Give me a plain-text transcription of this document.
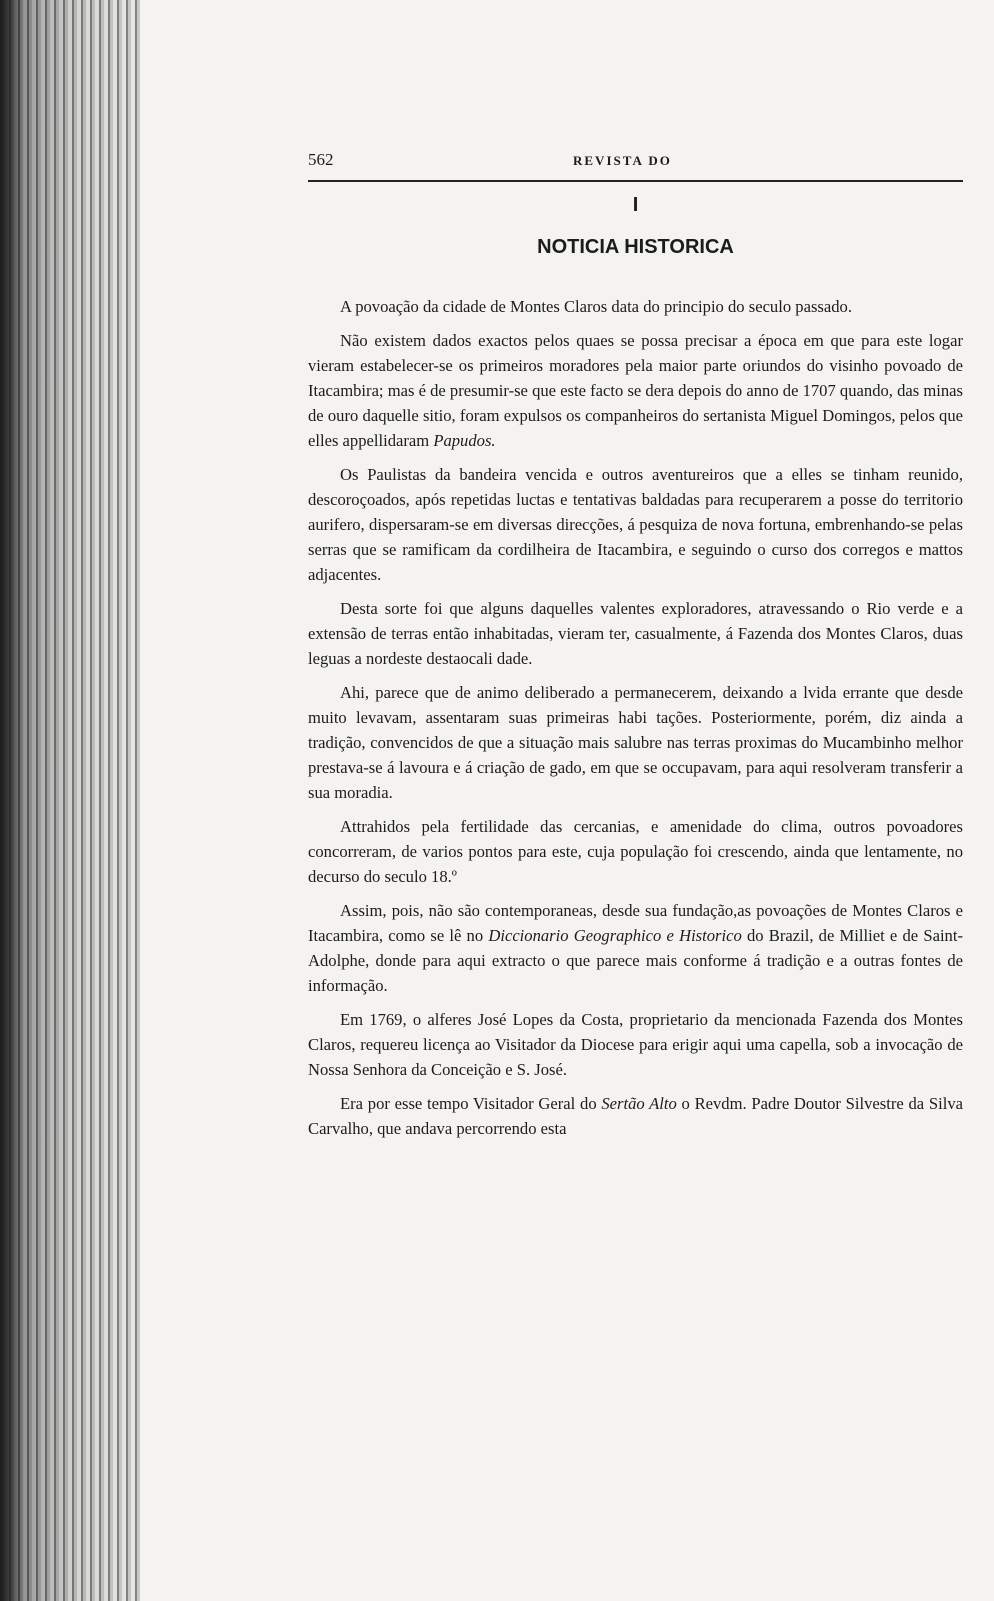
562	REVISTA DO
I
NOTICIA HISTORICA

A povoação da cidade de Montes Claros data do principio do seculo passado.

Não existem dados exactos pelos quaes se possa precisar a época em que para este logar vieram estabelecer-se os primeiros moradores pela maior parte oriundos do visinho povoado de Itacambira; mas é de presumir-se que este facto se dera depois do anno de 1707 quando, das minas de ouro daquelle sitio, foram expulsos os companheiros do sertanista Miguel Domingos, pelos que elles appellidaram Papudos.

Os Paulistas da bandeira vencida e outros aventureiros que a elles se tinham reunido, descoroçoados, após repetidas luctas e tentativas baldadas para recuperarem a posse do territorio aurifero, dispersaram-se em diversas direcções, á pesquiza de nova fortuna, embrenhando-se pelas serras que se ramificam da cordilheira de Itacambira, e seguindo o curso dos corregos e mattos adjacentes.

Desta sorte foi que alguns daquelles valentes exploradores, atravessando o Rio verde e a extensão de terras então inhabitadas, vieram ter, casualmente, á Fazenda dos Montes Claros, duas leguas a nordeste destaocali dade.

Ahi, parece que de animo deliberado a permanecerem, deixando a lvida errante que desde muito levavam, assentaram suas primeiras habi tações. Posteriormente, porém, diz ainda a tradição, convencidos de que a situação mais salubre nas terras proximas do Mucambinho melhor prestava-se á lavoura e á criação de gado, em que se occupavam, para aqui resolveram transferir a sua moradia.

Attrahidos pela fertilidade das cercanias, e amenidade do clima, outros povoadores concorreram, de varios pontos para este, cuja população foi crescendo, ainda que lentamente, no decurso do seculo 18.º

Assim, pois, não são contemporaneas, desde sua fundação,as povoações de Montes Claros e Itacambira, como se lê no Diccionario Geographico e Historico do Brazil, de Milliet e de Saint-Adolphe, donde para aqui extracto o que parece mais conforme á tradição e a outras fontes de informação.

Em 1769, o alferes José Lopes da Costa, proprietario da mencionada Fazenda dos Montes Claros, requereu licença ao Visitador da Diocese para erigir aqui uma capella, sob a invocação de Nossa Senhora da Conceição e S. José.

Era por esse tempo Visitador Geral do Sertão Alto o Revdm. Padre Doutor Silvestre da Silva Carvalho, que andava percorrendo esta
